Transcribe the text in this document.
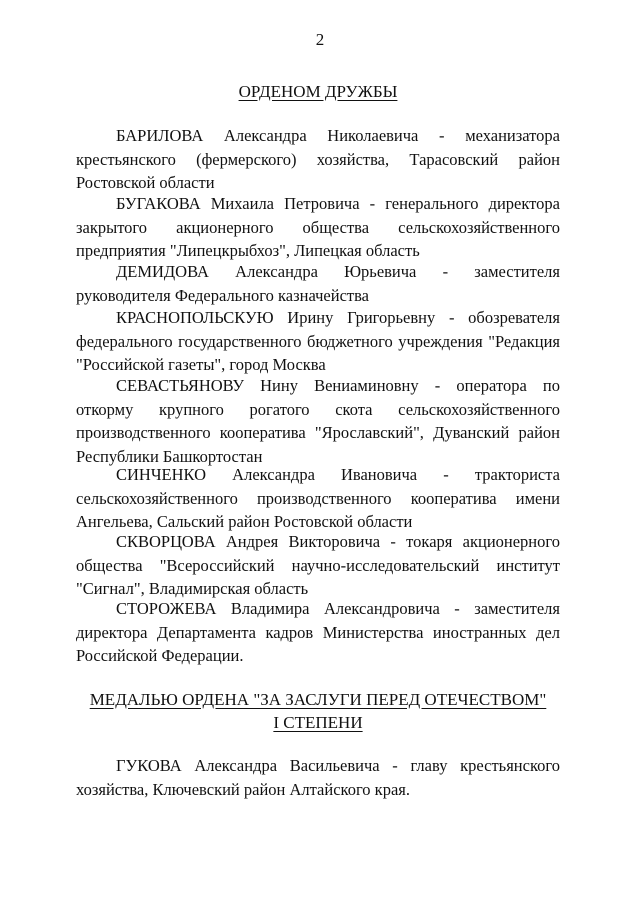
2
ОРДЕНОМ ДРУЖБЫ

БАРИЛОВА Александра Николаевича - механизатора крестьянского (фермерского) хозяйства, Тарасовский район Ростовской области

БУГАКОВА Михаила Петровича - генерального директора закрытого акционерного общества сельскохозяйственного предприятия "Липецкрыбхоз", Липецкая область

ДЕМИДОВА Александра Юрьевича - заместителя руководителя Федерального казначейства

КРАСНОПОЛЬСКУЮ Ирину Григорьевну - обозревателя федерального государственного бюджетного учреждения "Редакция "Российской газеты", город Москва

СЕВАСТЬЯНОВУ Нину Вениаминовну - оператора по откорму крупного рогатого скота сельскохозяйственного производственного кооператива "Ярославский", Дуванский район Республики Башкортостан

СИНЧЕНКО Александра Ивановича - тракториста сельскохозяйственного производственного кооператива имени Ангельева, Сальский район Ростовской области

СКВОРЦОВА Андрея Викторовича - токаря акционерного общества "Всероссийский научно-исследовательский институт "Сигнал", Владимирская область

СТОРОЖЕВА Владимира Александровича - заместителя директора Департамента кадров Министерства иностранных дел Российской Федерации.

МЕДАЛЬЮ ОРДЕНА "ЗА ЗАСЛУГИ ПЕРЕД ОТЕЧЕСТВОМ"
I СТЕПЕНИ

ГУКОВА Александра Васильевича - главу крестьянского хозяйства, Ключевский район Алтайского края.
